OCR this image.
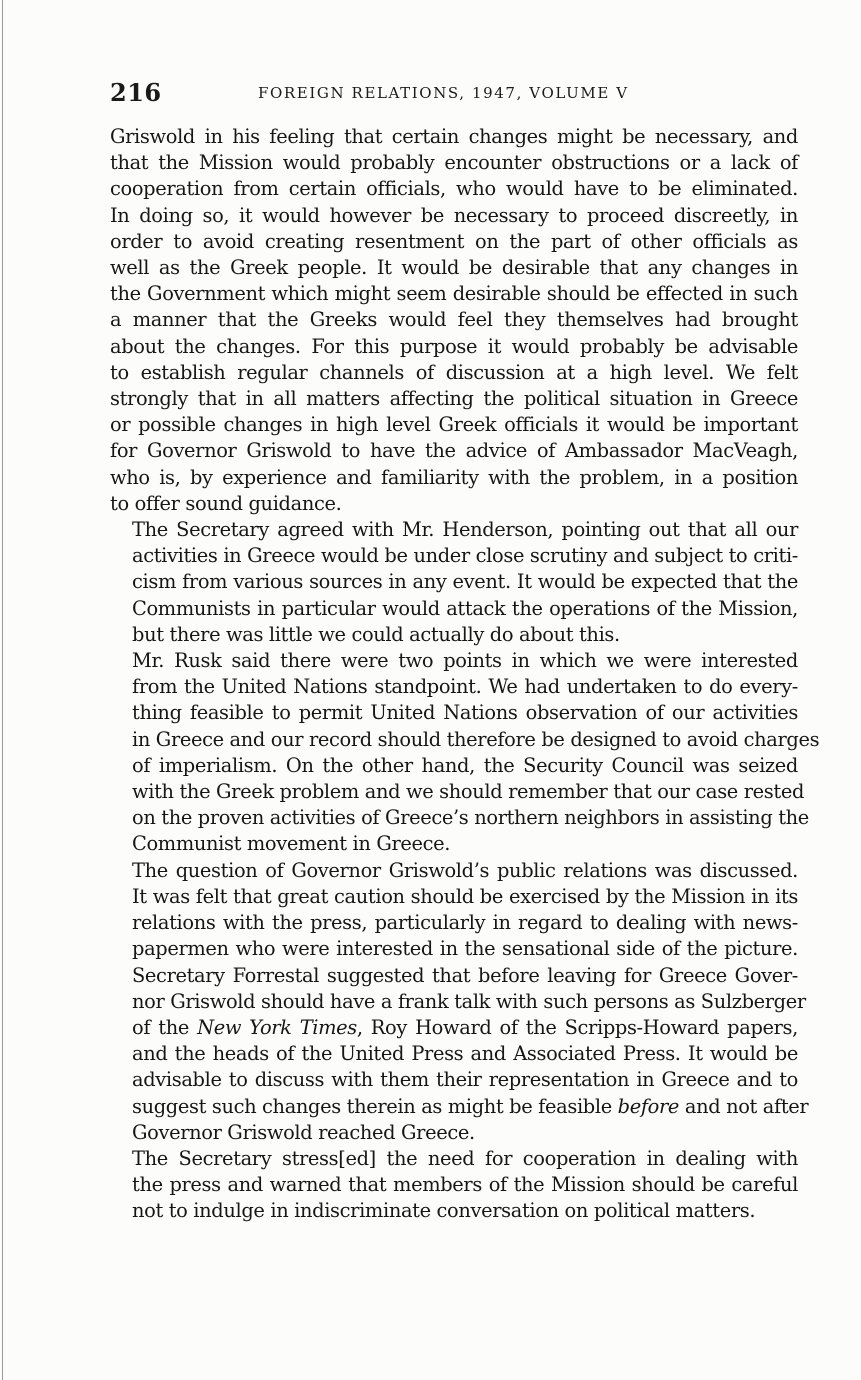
216	FOREIGN RELATIONS, 1947, VOLUME V
Griswold in his feeling that certain changes might be necessary, and
that the Mission would probably encounter obstructions or a lack of
cooperation from certain officials, who would have to be eliminated.
In doing so, it would however be necessary to proceed discreetly, in
order to avoid creating resentment on the part of other officials as
well as the Greek people. It would be desirable that any changes in
the Government which might seem desirable should be effected in such
a manner that the Greeks would feel they themselves had brought
about the changes. For this purpose it would probably be advisable
to establish regular channels of discussion at a high level. We felt
strongly that in all matters affecting the political situation in Greece
or possible changes in high level Greek officials it would be important
for Governor Griswold to have the advice of Ambassador MacVeagh,
who is, by experience and familiarity with the problem, in a position
to offer sound guidance.
The Secretary agreed with Mr. Henderson, pointing out that all our
activities in Greece would be under close scrutiny and subject to criti-
cism from various sources in any event. It would be expected that the
Communists in particular would attack the operations of the Mission,
but there was little we could actually do about this.
Mr. Rusk said there were two points in which we were interested
from the United Nations standpoint. We had undertaken to do every-
thing feasible to permit United Nations observation of our activities
in Greece and our record should therefore be designed to avoid charges
of imperialism. On the other hand, the Security Council was seized
with the Greek problem and we should remember that our case rested
on the proven activities of Greece’s northern neighbors in assisting the
Communist movement in Greece.
The question of Governor Griswold’s public relations was discussed.
It was felt that great caution should be exercised by the Mission in its
relations with the press, particularly in regard to dealing with news-
papermen who were interested in the sensational side of the picture.
Secretary Forrestal suggested that before leaving for Greece Gover-
nor Griswold should have a frank talk with such persons as Sulzberger
of the New York Times, Roy Howard of the Scripps-Howard papers,
and the heads of the United Press and Associated Press. It would be
advisable to discuss with them their representation in Greece and to
suggest such changes therein as might be feasible before and not after
Governor Griswold reached Greece.
The Secretary stress[ed] the need for cooperation in dealing with
the press and warned that members of the Mission should be careful
not to indulge in indiscriminate conversation on political matters.
